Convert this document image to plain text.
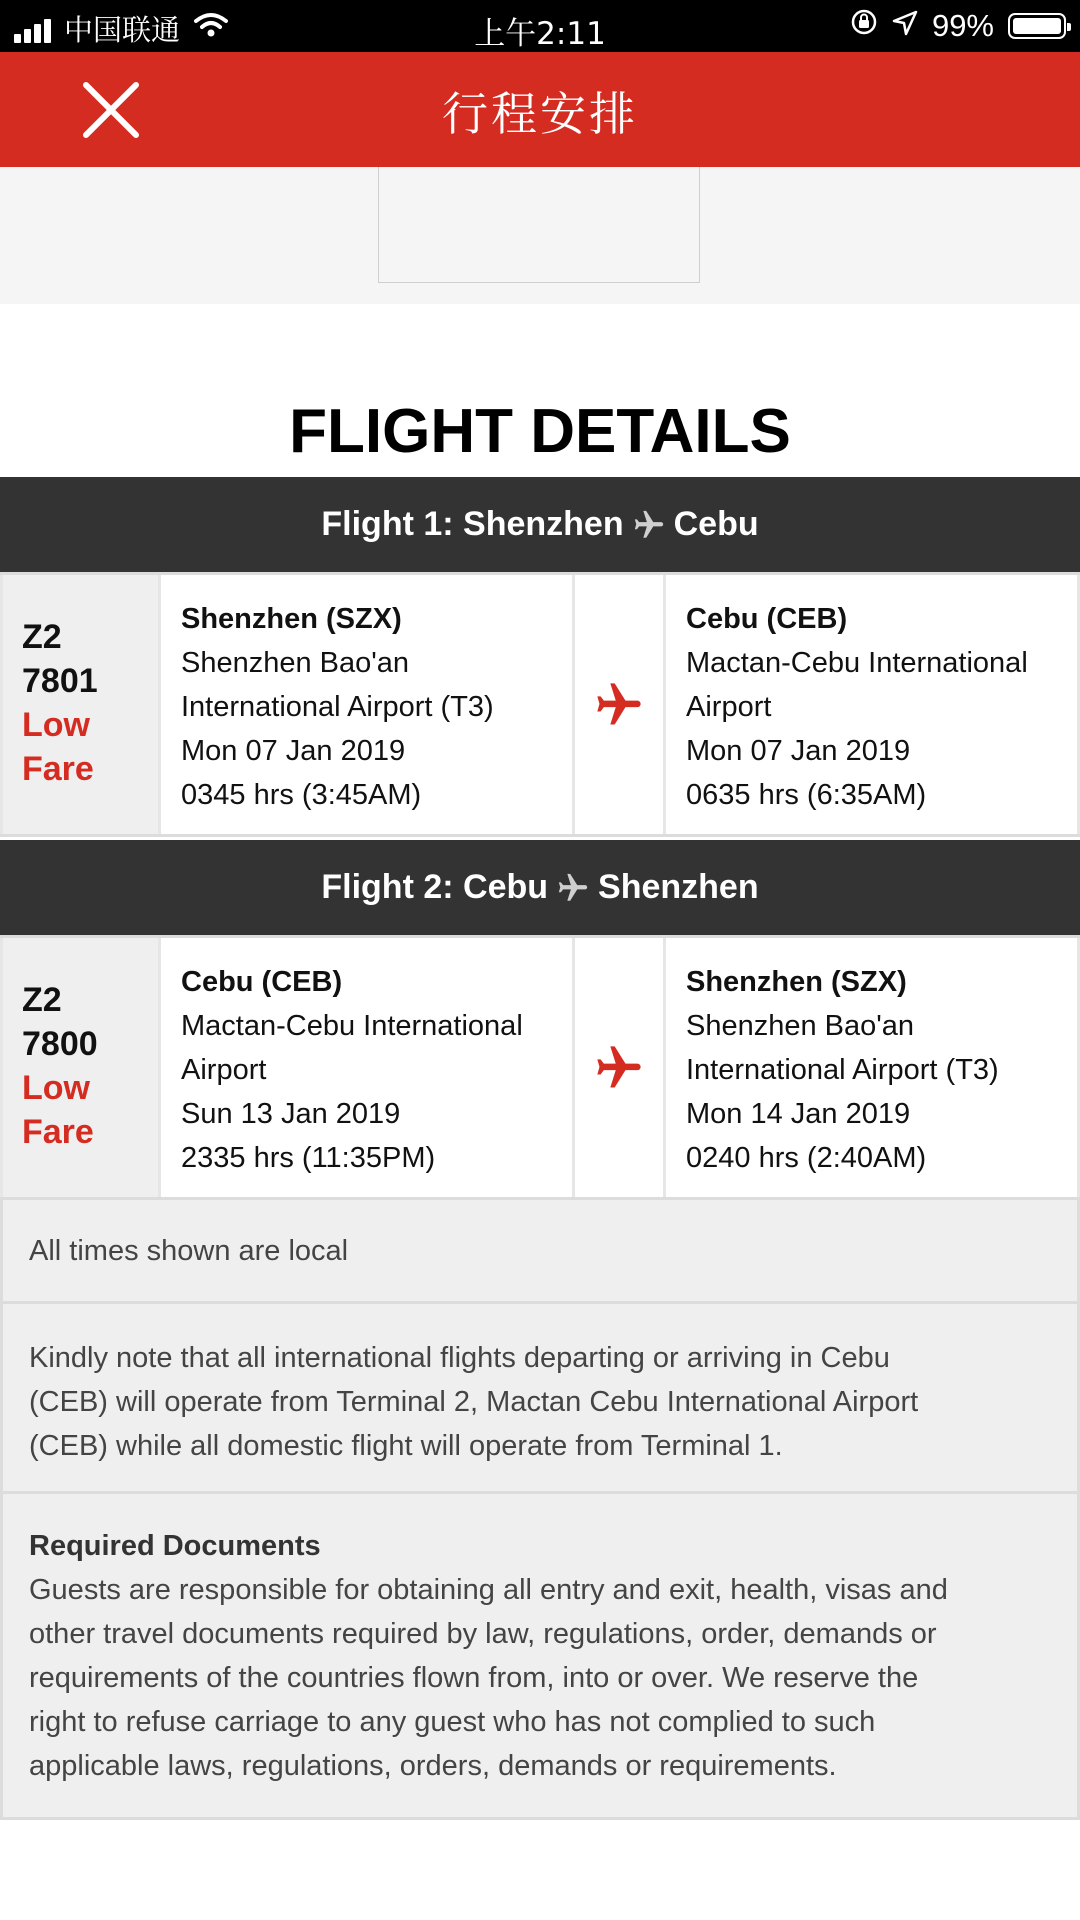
中国联通	上午2:11	99%
行程安排
FLIGHT DETAILS
Flight 1: Shenzhen Cebu
Z2
7801
Low
Fare
Shenzhen (SZX)
Shenzhen Bao'an
International Airport (T3)
Mon 07 Jan 2019
0345 hrs (3:45AM)
Cebu (CEB)
Mactan-Cebu International
Airport
Mon 07 Jan 2019
0635 hrs (6:35AM)
Flight 2: Cebu Shenzhen
Z2
7800
Low
Fare
Cebu (CEB)
Mactan-Cebu International
Airport
Sun 13 Jan 2019
2335 hrs (11:35PM)
Shenzhen (SZX)
Shenzhen Bao'an
International Airport (T3)
Mon 14 Jan 2019
0240 hrs (2:40AM)
All times shown are local
Kindly note that all international flights departing or arriving in Cebu
(CEB) will operate from Terminal 2, Mactan Cebu International Airport
(CEB) while all domestic flight will operate from Terminal 1.
Required Documents
Guests are responsible for obtaining all entry and exit, health, visas and
other travel documents required by law, regulations, order, demands or
requirements of the countries flown from, into or over. We reserve the
right to refuse carriage to any guest who has not complied to such
applicable laws, regulations, orders, demands or requirements.
